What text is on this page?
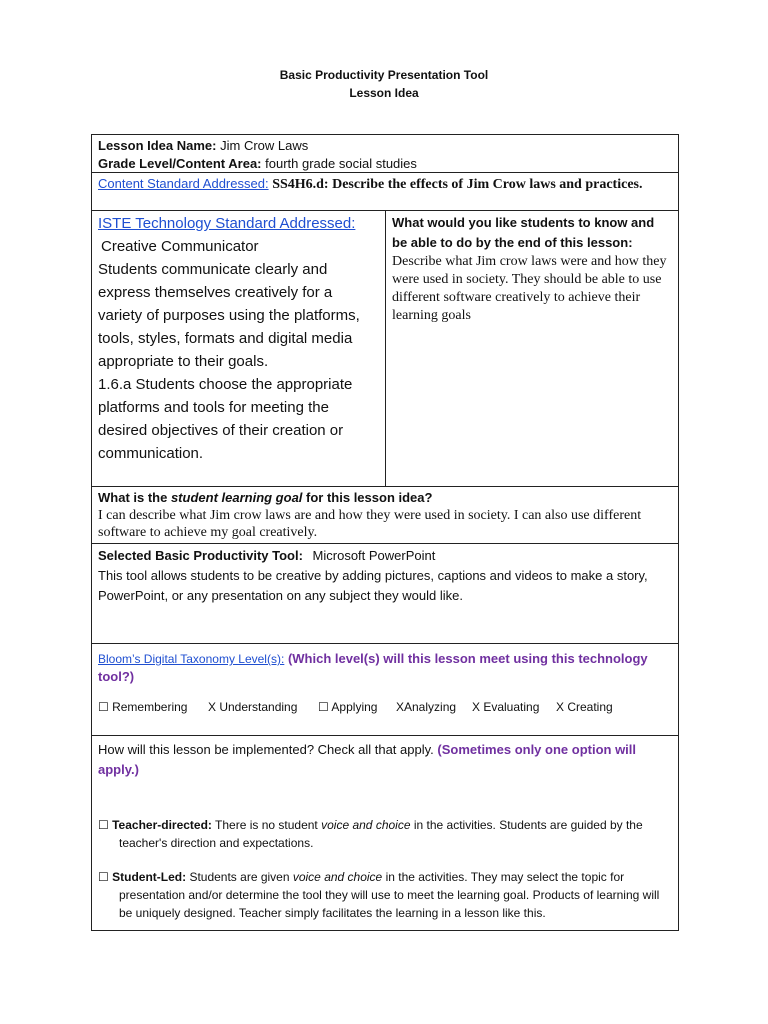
Basic Productivity Presentation Tool
Lesson Idea
Lesson Idea Name: Jim Crow Laws
Grade Level/Content Area: fourth grade social studies
Content Standard Addressed: SS4H6.d: Describe the effects of Jim Crow laws and practices.
ISTE Technology Standard Addressed:
Creative Communicator
Students communicate clearly and express themselves creatively for a variety of purposes using the platforms, tools, styles, formats and digital media appropriate to their goals.
1.6.a Students choose the appropriate platforms and tools for meeting the desired objectives of their creation or communication.
What would you like students to know and be able to do by the end of this lesson:
Describe what Jim crow laws were and how they were used in society. They should be able to use different software creatively to achieve their learning goals
What is the student learning goal for this lesson idea?
I can describe what Jim crow laws are and how they were used in society. I can also use different software to achieve my goal creatively.
Selected Basic Productivity Tool: Microsoft PowerPoint
This tool allows students to be creative by adding pictures, captions and videos to make a story, PowerPoint, or any presentation on any subject they would like.
Bloom’s Digital Taxonomy Level(s): (Which level(s) will this lesson meet using this technology tool?)
☐ Remembering	X Understanding	☐ Applying	XAnalyzing	X Evaluating	X Creating
How will this lesson be implemented? Check all that apply. (Sometimes only one option will apply.)
☐ Teacher-directed: There is no student voice and choice in the activities. Students are guided by the teacher's direction and expectations.
☐ Student-Led: Students are given voice and choice in the activities. They may select the topic for presentation and/or determine the tool they will use to meet the learning goal. Products of learning will be uniquely designed. Teacher simply facilitates the learning in a lesson like this.
